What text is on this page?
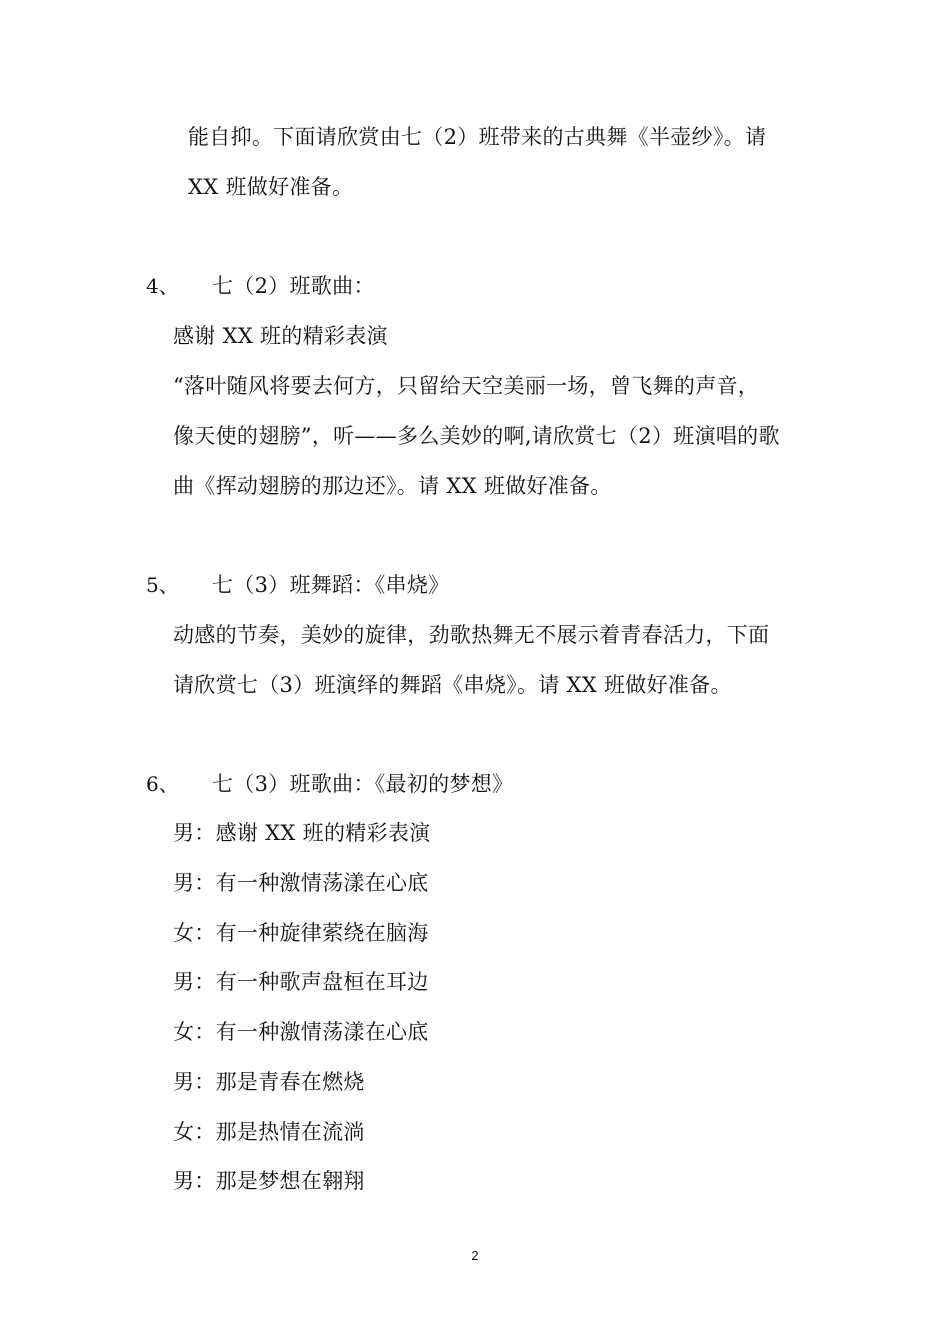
能自抑。下面请欣赏由七（2）班带来的古典舞《半壶纱》。请
XX 班做好准备。
4、 七（2）班歌曲：
感谢 XX 班的精彩表演
“落叶随风将要去何方，只留给天空美丽一场，曾飞舞的声音，
像天使的翅膀”，听——多么美妙的啊,请欣赏七（2）班演唱的歌
曲《挥动翅膀的那边还》。请 XX 班做好准备。
5、 七（3）班舞蹈：《串烧》
动感的节奏，美妙的旋律，劲歌热舞无不展示着青春活力，下面
请欣赏七（3）班演绎的舞蹈《串烧》。请 XX 班做好准备。
6、 七（3）班歌曲：《最初的梦想》
男：感谢 XX 班的精彩表演
男：有一种激情荡漾在心底
女：有一种旋律萦绕在脑海
男：有一种歌声盘桓在耳边
女：有一种激情荡漾在心底
男：那是青春在燃烧
女：那是热情在流淌
男：那是梦想在翱翔
2
